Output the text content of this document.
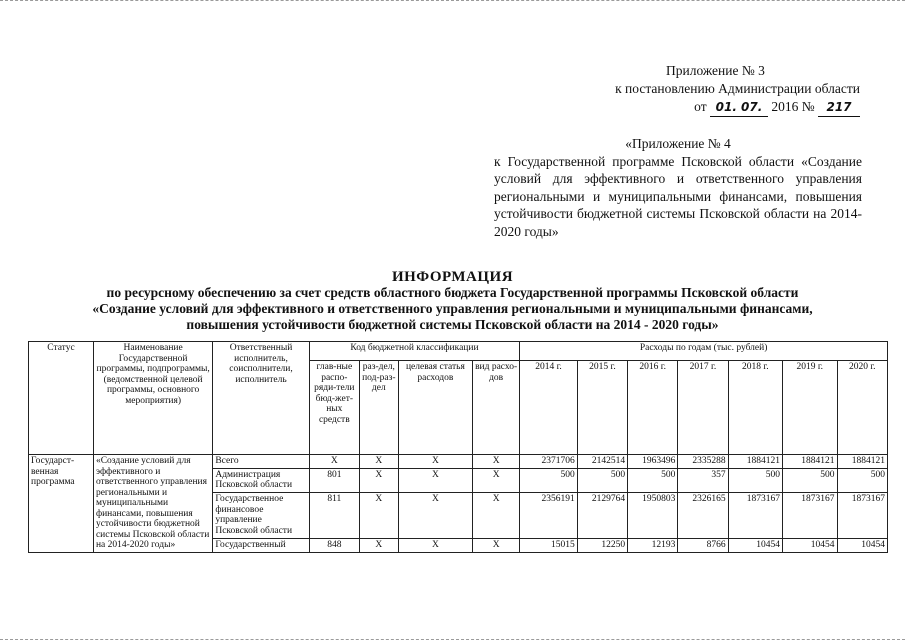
Приложение № 3
к постановлению Администрации области
от 01. 07. 2016 № 217
«Приложение № 4
к Государственной программе Псковской области «Создание условий для эффективного и ответственного управления региональными и муниципальными финансами, повышения устойчивости бюджетной системы Псковской области на 2014-2020 годы»
ИНФОРМАЦИЯ
по ресурсному обеспечению за счет средств областного бюджета Государственной программы Псковской области
«Создание условий для эффективного и ответственного управления региональными и муниципальными финансами,
повышения устойчивости бюджетной системы Псковской области на 2014 - 2020 годы»
Статус	Наименование Государственной программы, подпрограммы, (ведомственной целевой программы, основного мероприятия)	Ответственный исполнитель, соисполнители, исполнитель	Код бюджетной классификации				Расходы по годам (тыс. рублей)						
			глав-ные распо-ряди-тели бюд-жет-ных средств	раз-дел, под-раз-дел	целевая статья расходов	вид расхо-дов	2014 г.	2015 г.	2016 г.	2017 г.	2018 г.	2019 г.	2020 г.
Государст-венная программа	«Создание условий для эффективного и ответственного управления региональными и муниципальными финансами, повышения устойчивости бюджетной системы Псковской области на 2014-2020 годы»	Всего	X	X	X	X	2371706	2142514	1963496	2335288	1884121	1884121	1884121
		Администрация Псковской области	801	X	X	X	500	500	500	357	500	500	500
		Государственное финансовое управление Псковской области	811	X	X	X	2356191	2129764	1950803	2326165	1873167	1873167	1873167
		Государственный	848	X	X	X	15015	12250	12193	8766	10454	10454	10454
